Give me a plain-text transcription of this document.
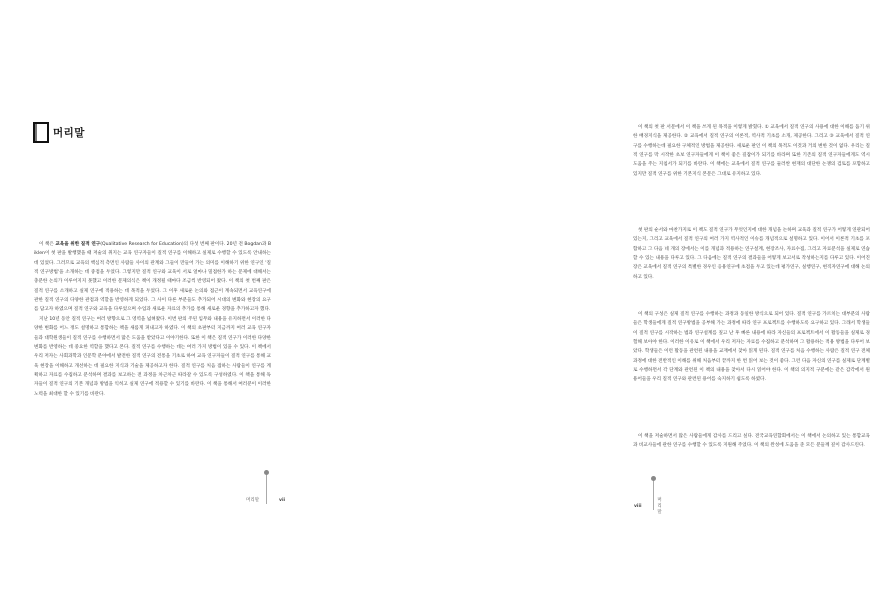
머리말

이 책은 교육을 위한 질적 연구(Qualitative Research for Education)의 다섯 번째 판이다. 20년 전 Bogdan과 Biklen이 첫 판을 발행했을 때 저술의 취지는 교육 연구자들이 질적 연구를 이해하고 실제로 수행할 수 있도록 안내하는 데 있었다. 그러므로 교육의 핵심적 측면인 사람들 사이의 관계와 그들이 만들어 가는 의미를 이해하기 위한 연구인 '질적 연구방법'을 소개하는 데 중점을 두었다. 그렇지만 질적 연구와 교육이 서로 얼마나 밀접한가 하는 문제에 대해서는 충분한 논의가 이루어지지 못했고 이러한 문제의식은 책이 개정될 때마다 조금씩 반영되어 왔다. 이 책의 첫 번째 판은 질적 연구를 소개하고 실제 연구에 적용하는 데 목적을 두었다. 그 이후 새로운 논의와 접근이 계속되면서 교육연구에 관한 질적 연구의 다양한 관점과 역할을 반영하게 되었다. 그 사이 다른 부분들도 추가되어 시대의 변화와 현장의 요구를 담고자 하였으며 질적 연구와 교육을 다루었으며 수업과 새로운 자료의 추가를 통해 새로운 경향을 추가하고자 했다.

지난 10년 동안 질적 연구는 여러 방향으로 그 영역을 넓혀왔다. 이번 판의 주된 임무와 내용을 유지하면서 이러한 다양한 변화를 어느 정도 설명하고 통합하는 책을 새롭게 펴내고자 하였다. 이 책의 초판부터 지금까지 여러 교육 연구자들과 대학원생들이 질적 연구를 수행하면서 많은 도움을 받았다고 이야기한다. 또한 이 책은 질적 연구가 이러한 다양한 변화를 반영하는 데 중요한 역할을 했다고 본다. 질적 연구를 수행하는 데는 여러 가지 방법이 있을 수 있다. 이 책에서 우리 저자는 사회과학과 인문학 분야에서 발전한 질적 연구의 전통을 기초로 하여 교육 연구자들이 질적 연구를 통해 교육 현장을 이해하고 개선하는 데 필요한 지식과 기술을 제공하고자 한다. 질적 연구를 처음 접하는 사람들이 연구를 계획하고 자료를 수집하고 분석하며 결과를 보고하는 전 과정을 차근차근 따라갈 수 있도록 구성하였다. 이 책을 통해 독자들이 질적 연구의 기본 개념과 방법을 익히고 실제 연구에 적용할 수 있기를 바란다. 이 책을 통해서 여러분이 이러한 노력을 최대한 할 수 있기를 바란다.

머리말	vii

이 책의 첫 판 서문에서 이 책을 쓰게 된 목적을 이렇게 밝혔다. ① 교육에서 질적 연구의 사용에 대한 이해를 돕기 위한 배경지식을 제공한다. ② 교육에서 질적 연구의 이론적, 역사적 기초를 소개, 제공한다. 그리고 ③ 교육에서 질적 연구를 수행하는데 필요한 구체적인 방법을 제공한다. 새로운 판인 이 책의 목적도 이것과 거의 변한 것이 없다. 우리는 질적 연구를 막 시작한 초보 연구자들에게 이 책이 좋은 길잡이가 되기를 바라며 또한 기존의 질적 연구자들에게도 역시 도움을 주는 지침서가 되기를 바란다. 이 책에는 교육에서 질적 연구를 둘러싼 현재의 대단한 논쟁의 검토를 포함하고 있지만 질적 연구를 위한 기본지식 본문은 그대로 유지하고 있다.

첫 판의 순서와 마찬가지로 이 책도 질적 연구가 무엇인지에 대한 개념을 논하며 교육과 질적 연구가 어떻게 연관되어 있는지, 그리고 교육에서 질적 연구의 여러 가지 역사적인 이슈를 개념적으로 설명하고 있다. 이어서 이론적 기초를 포함하고 그 다음 네 개의 장에서는 이를 개념과 적용하는 연구설계, 현장조사, 자료수집, 그리고 자료분석을 실제로 연습할 수 있는 내용을 다루고 있다. 그 다음에는 질적 연구의 결과들을 어떻게 보고서로 작성하는지를 다루고 있다. 이어진 장은 교육에서 질적 연구의 특별한 경우인 응용연구에 초점을 두고 있는데 평가연구, 실행연구, 현직자연구에 대해 논의하고 있다.

이 책의 구성은 실제 질적 연구를 수행하는 과정과 동일한 방식으로 되어 있다. 질적 연구를 가르치는 대부분의 사람들은 학생들에게 질적 연구방법을 공부해 가는 과정에 따라 연구 프로젝트를 수행하도록 요구하고 있다. 그래서 학생들이 질적 연구를 시작하는 법과 연구설계를 짚고 난 후 빠른 내용에 따라 자신들의 프로젝트에서 이 활동들을 실제로 경험해 보아야 한다. 이러한 이유로 이 책에서 우리 저자는 자료를 수집하고 분석하며 그 활용하는 적용 방법을 다루어 보았다. 학생들은 이런 활동을 관련된 내용을 교재에서 찾아 읽게 된다. 질적 연구를 처음 수행하는 사람은 질적 연구 전체 과정에 대한 전반적인 이해를 위해 처음부터 끝까지 한 번 읽어 보는 것이 좋다. 그런 다음 자신의 연구를 실제로 단계별로 수행하면서 각 단계와 관련된 이 책의 내용을 찾아서 다시 읽어야 한다. 이 책의 의지적 구분에는 같은 감각에서 원 용어들을 우리 질적 연구와 관련된 용어를 숙지하기 쉽도록 하였다.

이 책을 저술하면서 많은 사람들에게 감사를 드리고 싶다. 전국교육연합회에서는 이 책에서 논의하고 있는 통합교육과 비교사들에 관한 연구를 수행할 수 있도록 지원해 주었다. 이 책의 완성에 도움을 준 모든 분들께 깊이 감사드린다.

viii
머리말
